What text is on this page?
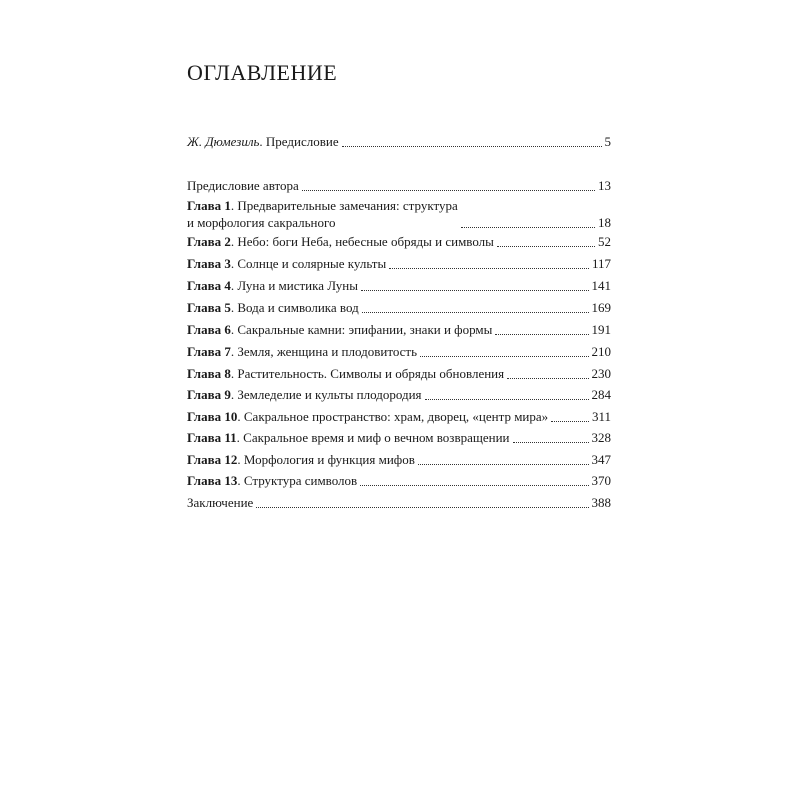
ОГЛАВЛЕНИЕ
Ж. Дюмезиль. Предисловие	5
Предисловие автора	13
Глава 1. Предварительные замечания: структура
и морфология сакрального	18
Глава 2. Небо: боги Неба, небесные обряды и символы	52
Глава 3. Солнце и солярные культы	117
Глава 4. Луна и мистика Луны	141
Глава 5. Вода и символика вод	169
Глава 6. Сакральные камни: эпифании, знаки и формы	191
Глава 7. Земля, женщина и плодовитость	210
Глава 8. Растительность. Символы и обряды обновления	230
Глава 9. Земледелие и культы плодородия	284
Глава 10. Сакральное пространство: храм, дворец, «центр мира»	311
Глава 11. Сакральное время и миф о вечном возвращении	328
Глава 12. Морфология и функция мифов	347
Глава 13. Структура символов	370
Заключение	388
